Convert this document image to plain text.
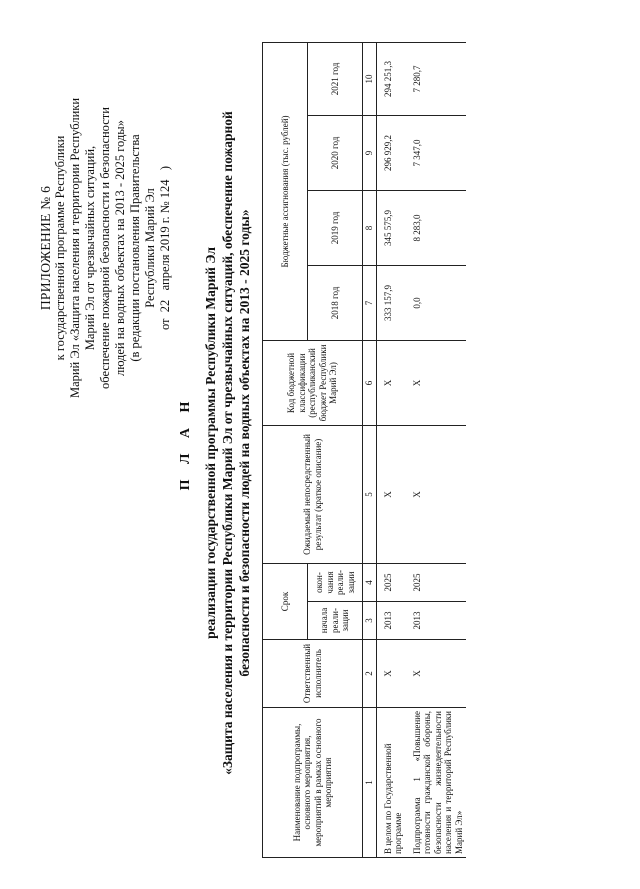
ПРИЛОЖЕНИЕ № 6 к государственной программе Республики Марий Эл «Защита населения и территории Республики Марий Эл от чрезвычайных ситуаций, обеспечение пожарной безопасности и безопасности людей на водных объектах на 2013 - 2025 годы» (в редакции постановления Правительства Республики Марий Эл от  22   апреля 2019 г. № 124   )
П Л А Н реализации государственной программы Республики Марий Эл «Защита населения и территории Республики Марий Эл от чрезвычайных ситуаций, обеспечение пожарной безопасности и безопасности людей на водных объектах на 2013 - 2025 годы»
Наименование подпрограммы, основного мероприятия, мероприятий в рамках основного мероприятия	Ответственный исполнитель	Срок		Ожидаемый непосредственный результат (краткое описание)	Код бюджетной классификации (республиканский бюджет Республики Марий Эл)	Бюджетные ассигнования (тыс. рублей)			
		начала реали-зации	окон-чания реали-зации			2018 год	2019 год	2020 год	2021 год
1	2	3	4	5	6	7	8	9	10
В целом по Государственной программе	Х	2013	2025	Х	Х	333 157,9	345 575,9	296 929,2	294 251,3
Подпрограмма 1 «Повышение готовности гражданской обороны, безопасности жизнедеятельности населения и территорий Республики Марий Эл»	Х	2013	2025	Х	Х	0,0	8 283,0	7 347,0	7 280,7
